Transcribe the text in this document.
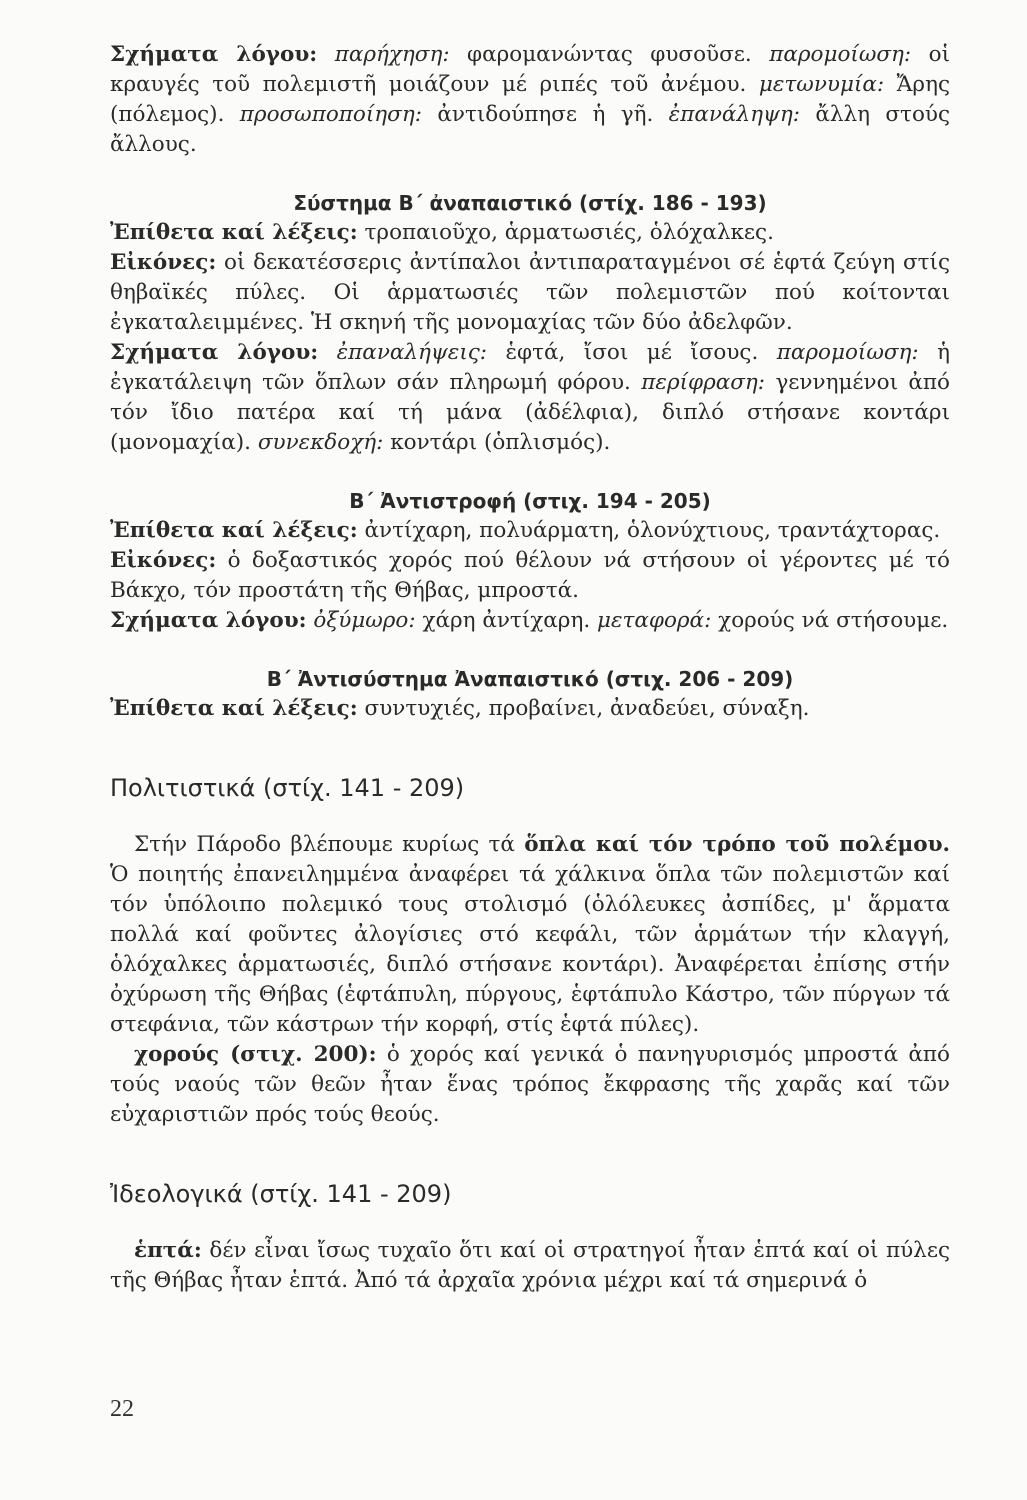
Σχήματα λόγου: παρήχηση: φαρομανώντας φυσοῦσε. παρομοίωση: οἱ κραυγές τοῦ πολεμιστῆ μοιάζουν μέ ριπές τοῦ ἀνέμου. μετωνυμία: Ἄρης (πόλεμος). προσωποποίηση: ἀντιδούπησε ἡ γῆ. ἐπανάληψη: ἄλλη στούς ἄλλους.

Σύστημα Β΄ ἀναπαιστικό (στίχ. 186 - 193)

Ἐπίθετα καί λέξεις: τροπαιοῦχο, ἁρματωσιές, ὁλόχαλκες.

Εἰκόνες: οἱ δεκατέσσερις ἀντίπαλοι ἀντιπαραταγμένοι σέ ἑφτά ζεύγη στίς θηβαϊκές πύλες. Οἱ ἁρματωσιές τῶν πολεμιστῶν πού κοίτονται ἐγκαταλειμμένες. Ἡ σκηνή τῆς μονομαχίας τῶν δύο ἀδελφῶν.

Σχήματα λόγου: ἐπαναλήψεις: ἑφτά, ἴσοι μέ ἴσους. παρομοίωση: ἡ ἐγκατάλειψη τῶν ὅπλων σάν πληρωμή φόρου. περίφραση: γεννημένοι ἀπό τόν ἴδιο πατέρα καί τή μάνα (ἀδέλφια), διπλό στήσανε κοντάρι (μονομαχία). συνεκδοχή: κοντάρι (ὁπλισμός).

Β΄ Ἀντιστροφή (στιχ. 194 - 205)

Ἐπίθετα καί λέξεις: ἀντίχαρη, πολυάρματη, ὁλονύχτιους, τραντάχτορας.

Εἰκόνες: ὁ δοξαστικός χορός πού θέλουν νά στήσουν οἱ γέροντες μέ τό Βάκχο, τόν προστάτη τῆς Θήβας, μπροστά.

Σχήματα λόγου: ὀξύμωρο: χάρη ἀντίχαρη. μεταφορά: χορούς νά στήσουμε.

Β΄ Ἀντισύστημα Ἀναπαιστικό (στιχ. 206 - 209)

Ἐπίθετα καί λέξεις: συντυχιές, προβαίνει, ἀναδεύει, σύναξη.

Πολιτιστικά (στίχ. 141 - 209)

Στήν Πάροδο βλέπουμε κυρίως τά ὅπλα καί τόν τρόπο τοῦ πολέμου. Ὁ ποιητής ἐπανειλημμένα ἀναφέρει τά χάλκινα ὅπλα τῶν πολεμιστῶν καί τόν ὑπόλοιπο πολεμικό τους στολισμό (ὁλόλευκες ἀσπίδες, μ' ἅρματα πολλά καί φοῦντες ἀλογίσιες στό κεφάλι, τῶν ἁρμάτων τήν κλαγγή, ὁλόχαλκες ἁρματωσιές, διπλό στήσανε κοντάρι). Ἀναφέρεται ἐπίσης στήν ὀχύρωση τῆς Θήβας (ἑφτάπυλη, πύργους, ἑφτάπυλο Κάστρο, τῶν πύργων τά στεφάνια, τῶν κάστρων τήν κορφή, στίς ἑφτά πύλες).

χορούς (στιχ. 200): ὁ χορός καί γενικά ὁ πανηγυρισμός μπροστά ἀπό τούς ναούς τῶν θεῶν ἦταν ἕνας τρόπος ἔκφρασης τῆς χαρᾶς καί τῶν εὐχαριστιῶν πρός τούς θεούς.

Ἰδεολογικά (στίχ. 141 - 209)

ἑπτά: δέν εἶναι ἴσως τυχαῖο ὅτι καί οἱ στρατηγοί ἦταν ἑπτά καί οἱ πύλες τῆς Θήβας ἦταν ἑπτά. Ἀπό τά ἀρχαῖα χρόνια μέχρι καί τά σημερινά ὁ

22
